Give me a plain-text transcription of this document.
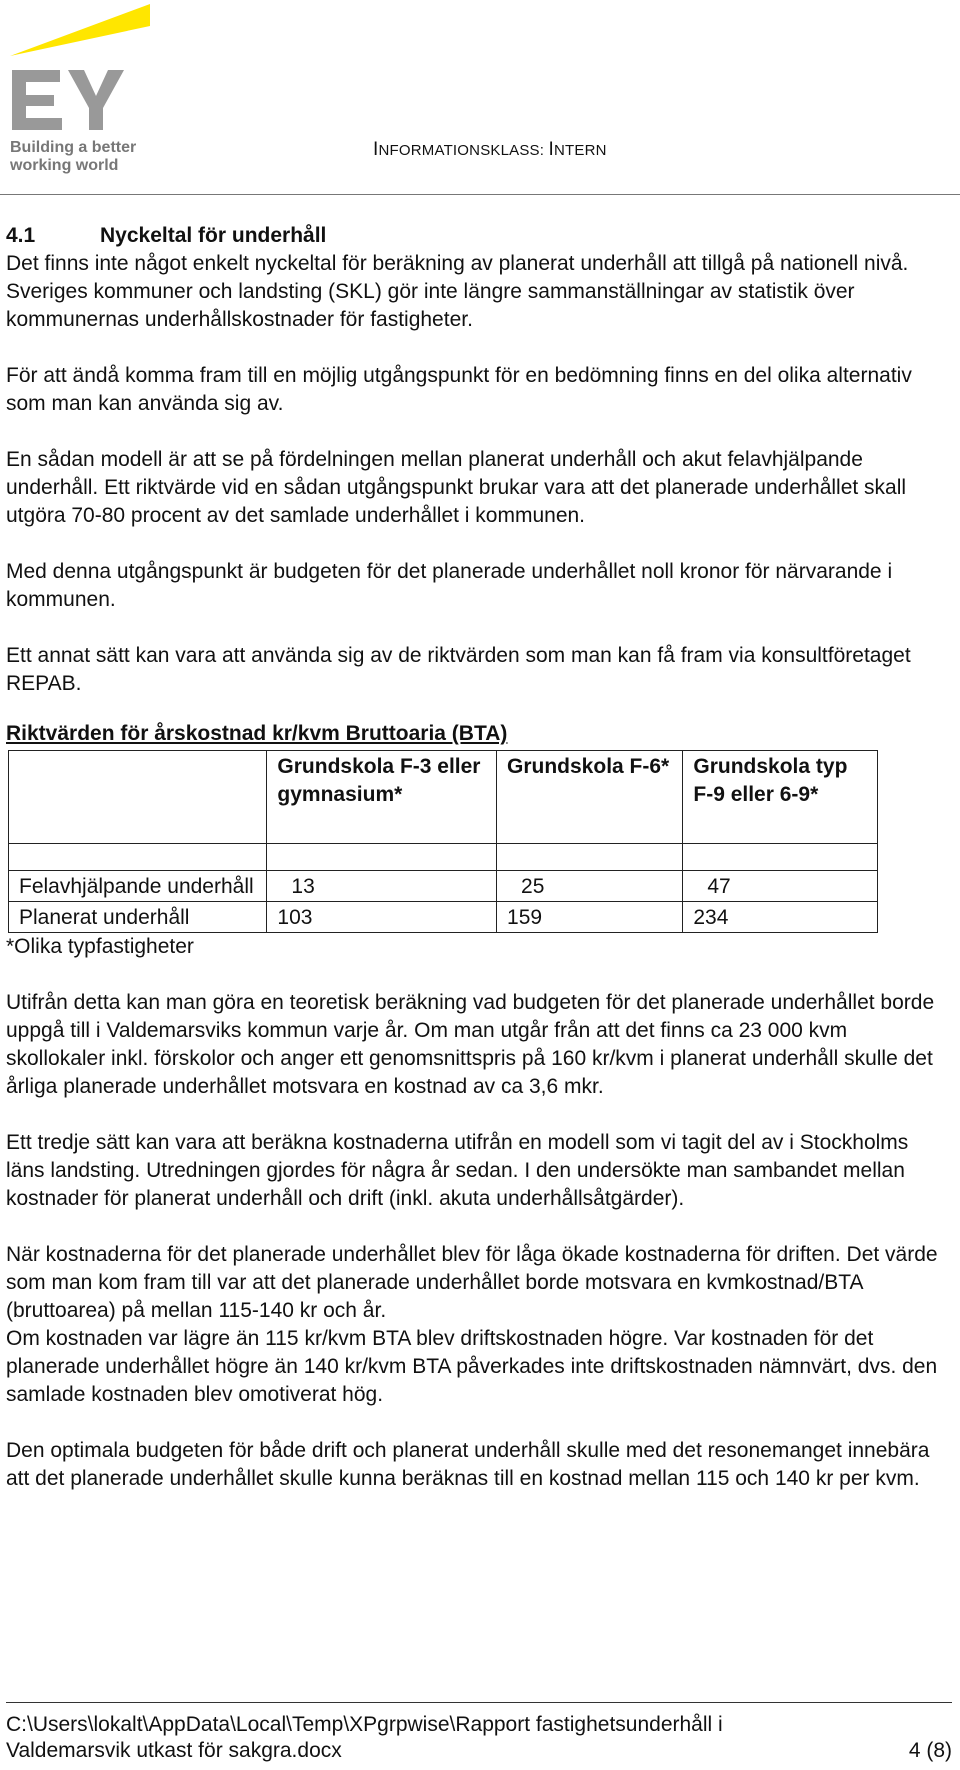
Building a better
working world
INFORMATIONSKLASS: INTERN

4.1	Nyckeltal för underhåll

Det finns inte något enkelt nyckeltal för beräkning av planerat underhåll att tillgå på nationell nivå. Sveriges kommuner och landsting (SKL) gör inte längre sammanställningar av statistik över kommunernas underhållskostnader för fastigheter.

För att ändå komma fram till en möjlig utgångspunkt för en bedömning finns en del olika alternativ som man kan använda sig av.

En sådan modell är att se på fördelningen mellan planerat underhåll och akut felavhjälpande underhåll. Ett riktvärde vid en sådan utgångspunkt brukar vara att det planerade underhållet skall utgöra 70-80 procent av det samlade underhållet i kommunen.

Med denna utgångspunkt är budgeten för det planerade underhållet noll kronor för närvarande i kommunen.

Ett annat sätt kan vara att använda sig av de riktvärden som man kan få fram via konsultföretaget REPAB.

Riktvärden för årskostnad kr/kvm Bruttoaria (BTA)

	Grundskola F-3 eller gymnasium*	Grundskola F-6*	Grundskola typ F-9 eller 6-9*

Felavhjälpande underhåll	13	25	47
Planerat underhåll	103	159	234

*Olika typfastigheter

Utifrån detta kan man göra en teoretisk beräkning vad budgeten för det planerade underhållet borde uppgå till i Valdemarsviks kommun varje år. Om man utgår från att det finns ca 23 000 kvm skollokaler inkl. förskolor och anger ett genomsnittspris på 160 kr/kvm i planerat underhåll skulle det årliga planerade underhållet motsvara en kostnad av ca 3,6 mkr.

Ett tredje sätt kan vara att beräkna kostnaderna utifrån en modell som vi tagit del av i Stockholms läns landsting. Utredningen gjordes för några år sedan. I den undersökte man sambandet mellan kostnader för planerat underhåll och drift (inkl. akuta underhållsåtgärder).

När kostnaderna för det planerade underhållet blev för låga ökade kostnaderna för driften. Det värde som man kom fram till var att det planerade underhållet borde motsvara en kvmkostnad/BTA (bruttoarea) på mellan 115-140 kr och år.

Om kostnaden var lägre än 115 kr/kvm BTA blev driftskostnaden högre. Var kostnaden för det planerade underhållet högre än 140 kr/kvm BTA påverkades inte driftskostnaden nämnvärt, dvs. den samlade kostnaden blev omotiverat hög.

Den optimala budgeten för både drift och planerat underhåll skulle med det resonemanget innebära att det planerade underhållet skulle kunna beräknas till en kostnad mellan 115 och 140 kr per kvm.

C:\Users\lokalt\AppData\Local\Temp\XPgrpwise\Rapport fastighetsunderhåll i
Valdemarsvik utkast för sakgra.docx	4 (8)
